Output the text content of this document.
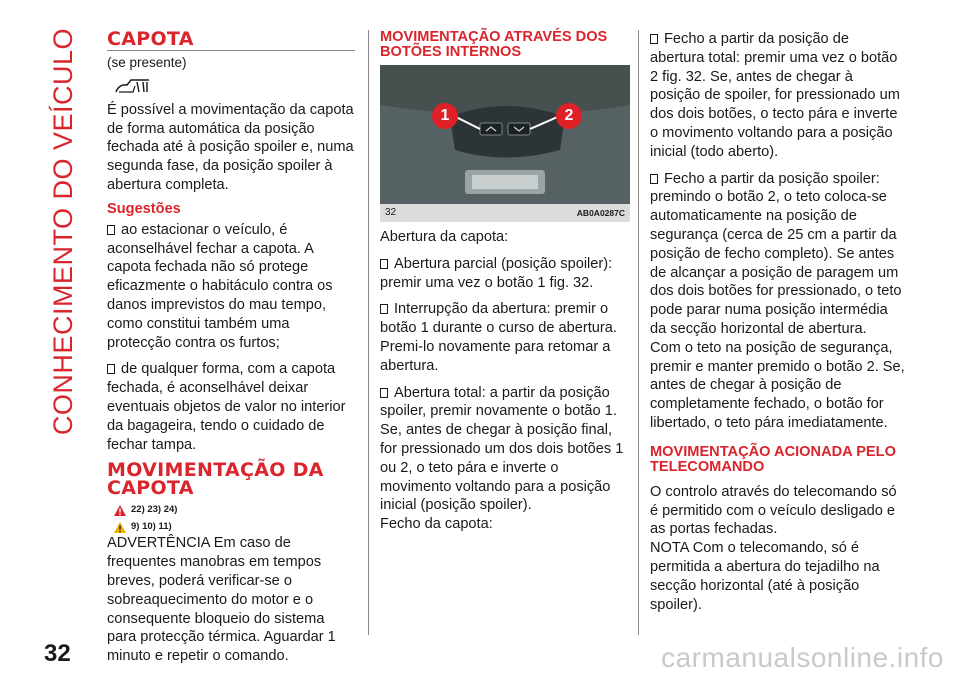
CONHECIMENTO DO VEÍCULO CAPOTA

(se presente)

É possível a movimentação da capota de forma automática da posição fechada até à posição spoiler e, numa segunda fase, da posição spoiler à abertura completa.

Sugestões

ao estacionar o veículo, é aconselhável fechar a capota. A capota fechada não só protege eficazmente o habitáculo contra os danos imprevistos do mau tempo, como constitui também uma protecção contra os furtos;

de qualquer forma, com a capota fechada, é aconselhável deixar eventuais objetos de valor no interior da bagageira, tendo o cuidado de fechar tampa.

MOVIMENTAÇÃO DA CAPOTA
22) 23) 24)
9) 10) 11)

ADVERTÊNCIA Em caso de frequentes manobras em tempos breves, poderá verificar-se o sobreaquecimento do motor e o consequente bloqueio do sistema para protecção térmica. Aguardar 1 minuto e repetir o comando.

MOVIMENTAÇÃO ATRAVÉS DOS BOTÕES INTERNOS
1	2
32	AB0A0287C

Abertura da capota:

Abertura parcial (posição spoiler): premir uma vez o botão 1 fig. 32.

Interrupção da abertura: premir o botão 1 durante o curso de abertura. Premi-lo novamente para retomar a abertura.

Abertura total: a partir da posição spoiler, premir novamente o botão 1. Se, antes de chegar à posição final, for pressionado um dos dois botões 1 ou 2, o teto pára e inverte o movimento voltando para a posição inicial (posição spoiler).

Fecho da capota:

Fecho a partir da posição de abertura total: premir uma vez o botão 2 fig. 32. Se, antes de chegar à posição de spoiler, for pressionado um dos dois botões, o tecto pára e inverte o movimento voltando para a posição inicial (todo aberto).

Fecho a partir da posição spoiler: premindo o botão 2, o teto coloca-se automaticamente na posição de segurança (cerca de 25 cm a partir da posição de fecho completo). Se antes de alcançar a posição de paragem um dos dois botões for pressionado, o teto pode parar numa posição intermédia da secção horizontal de abertura.

Com o teto na posição de segurança, premir e manter premido o botão 2. Se, antes de chegar à posição de completamente fechado, o botão for libertado, o teto pára imediatamente.

MOVIMENTAÇÃO ACIONADA PELO TELECOMANDO

O controlo através do telecomando só é permitido com o veículo desligado e as portas fechadas.

NOTA Com o telecomando, só é permitida a abertura do tejadilho na secção horizontal (até à posição spoiler).

32	carmanualsonline.info
